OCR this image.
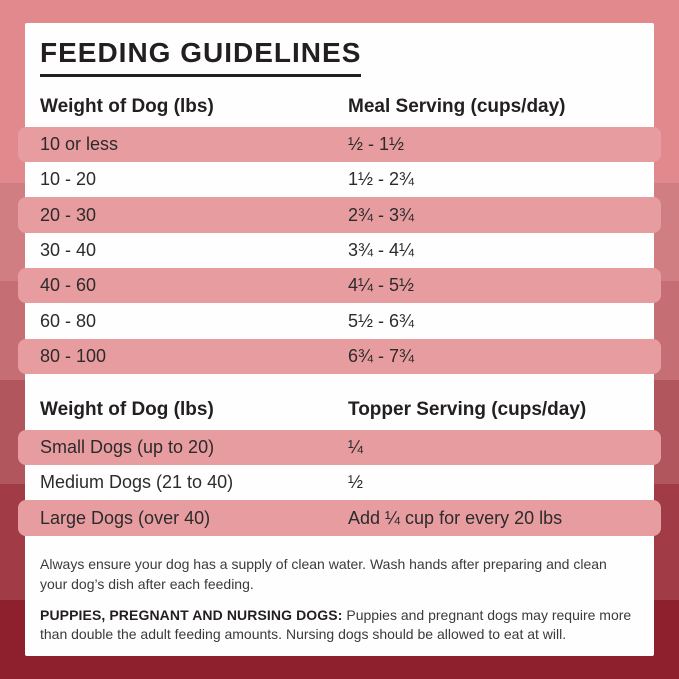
FEEDING GUIDELINES
Weight of Dog (lbs)	Meal Serving (cups/day)
10 or less	½ - 1½
10 - 20	1½ - 2¾
20 - 30	2¾ - 3¾
30 - 40	3¾ - 4¼
40 - 60	4¼ - 5½
60 - 80	5½ - 6¾
80 - 100	6¾ - 7¾
Weight of Dog (lbs)	Topper Serving (cups/day)
Small Dogs (up to 20)	¼
Medium Dogs (21 to 40)	½
Large Dogs (over 40)	Add ¼ cup for every 20 lbs

Always ensure your dog has a supply of clean water. Wash hands after preparing and clean your dog’s dish after each feeding.

PUPPIES, PREGNANT AND NURSING DOGS: Puppies and pregnant dogs may require more than double the adult feeding amounts. Nursing dogs should be allowed to eat at will.
